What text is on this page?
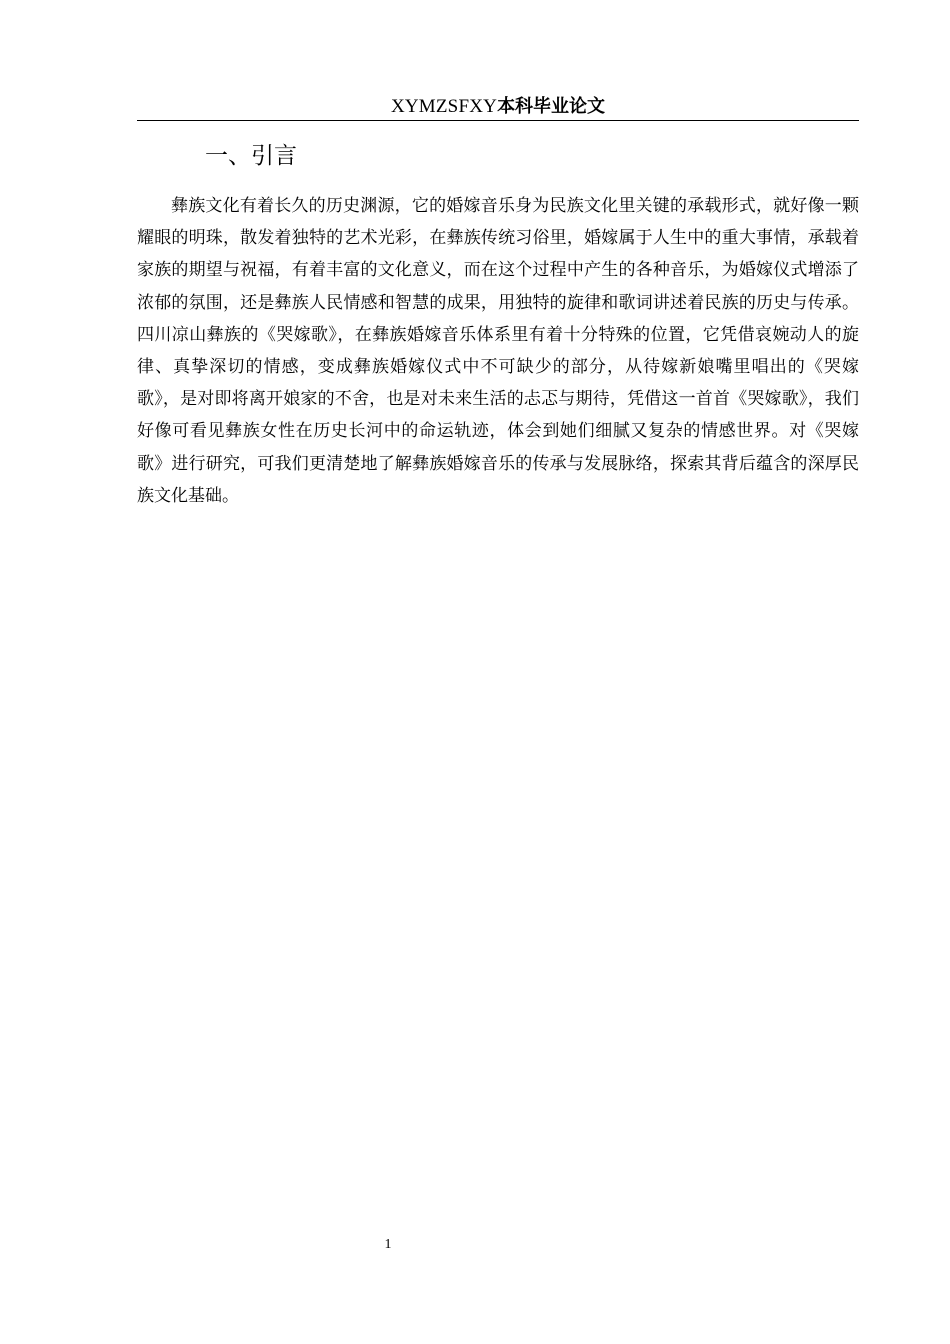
XYMZSFXY本科毕业论文
一、引言

彝族文化有着长久的历史渊源，它的婚嫁音乐身为民族文化里关键的承载形式，就好像一颗耀眼的明珠，散发着独特的艺术光彩，在彝族传统习俗里，婚嫁属于人生中的重大事情，承载着家族的期望与祝福，有着丰富的文化意义，而在这个过程中产生的各种音乐，为婚嫁仪式增添了浓郁的氛围，还是彝族人民情感和智慧的成果，用独特的旋律和歌词讲述着民族的历史与传承。四川凉山彝族的《哭嫁歌》，在彝族婚嫁音乐体系里有着十分特殊的位置，它凭借哀婉动人的旋律、真挚深切的情感，变成彝族婚嫁仪式中不可缺少的部分，从待嫁新娘嘴里唱出的《哭嫁歌》，是对即将离开娘家的不舍，也是对未来生活的忐忑与期待，凭借这一首首《哭嫁歌》，我们好像可看见彝族女性在历史长河中的命运轨迹，体会到她们细腻又复杂的情感世界。对《哭嫁歌》进行研究，可我们更清楚地了解彝族婚嫁音乐的传承与发展脉络，探索其背后蕴含的深厚民族文化基础。

1
